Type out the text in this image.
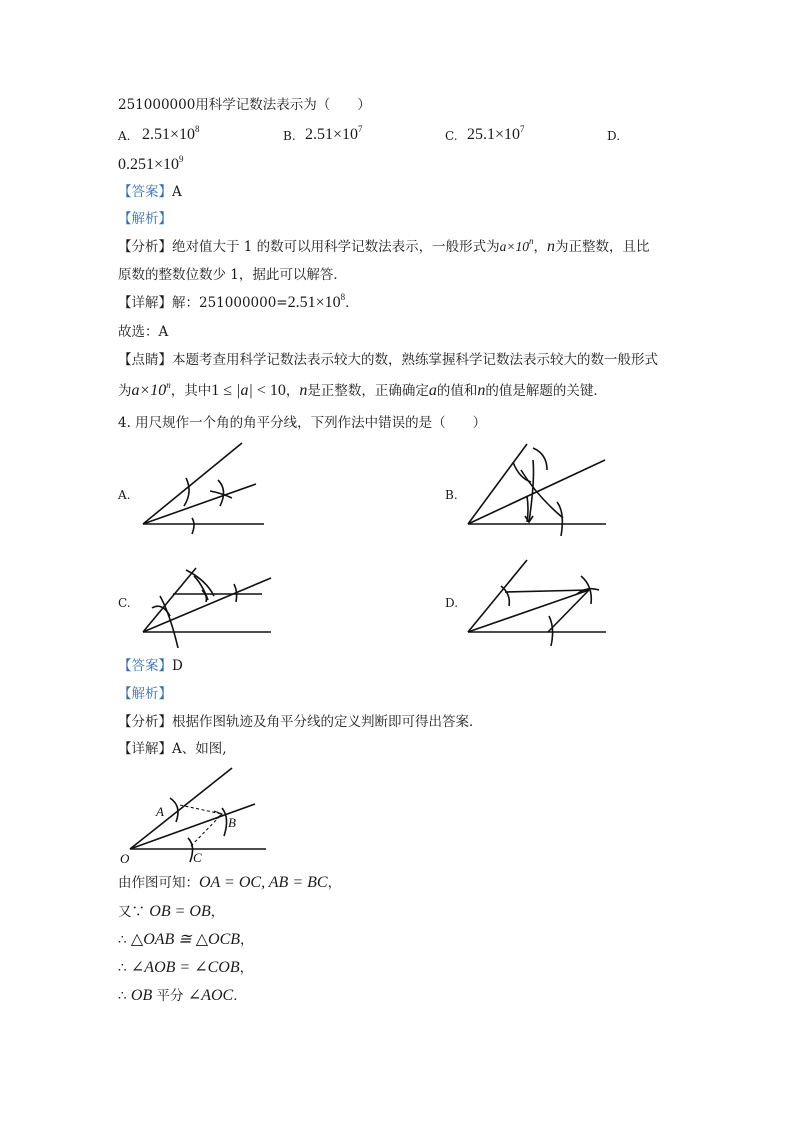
251000000用科学记数法表示为（　　）
A. $2.51\times 10^8$	B. $2.51\times 10^7$	C. $25.1\times 10^7$	D.
$0.251\times 10^9$
【答案】A
【解析】
【分析】绝对值大于 1 的数可以用科学记数法表示，一般形式为$a\times 10^n$，n为正整数，且比
原数的整数位数少 1，据此可以解答．
【详解】解：$251000000=2.51\times 10^8$．
故选：A
【点睛】本题考查用科学记数法表示较大的数，熟练掌握科学记数法表示较大的数一般形式
为$a\times 10^n$，其中1 ≤ |a| < 10，n是正整数，正确确定a的值和n的值是解题的关键．
4. 用尺规作一个角的角平分线，下列作法中错误的是（　　）
A.	B.
C.	D.
【答案】D
【解析】
【分析】根据作图轨迹及角平分线的定义判断即可得出答案．
【详解】A、如图,
A
B
C
O
由作图可知：OA = OC, AB = BC，
又∵ OB = OB，
∴ △OAB ≅ △OCB，
∴ ∠AOB = ∠COB，
∴ OB 平分 ∠AOC．
